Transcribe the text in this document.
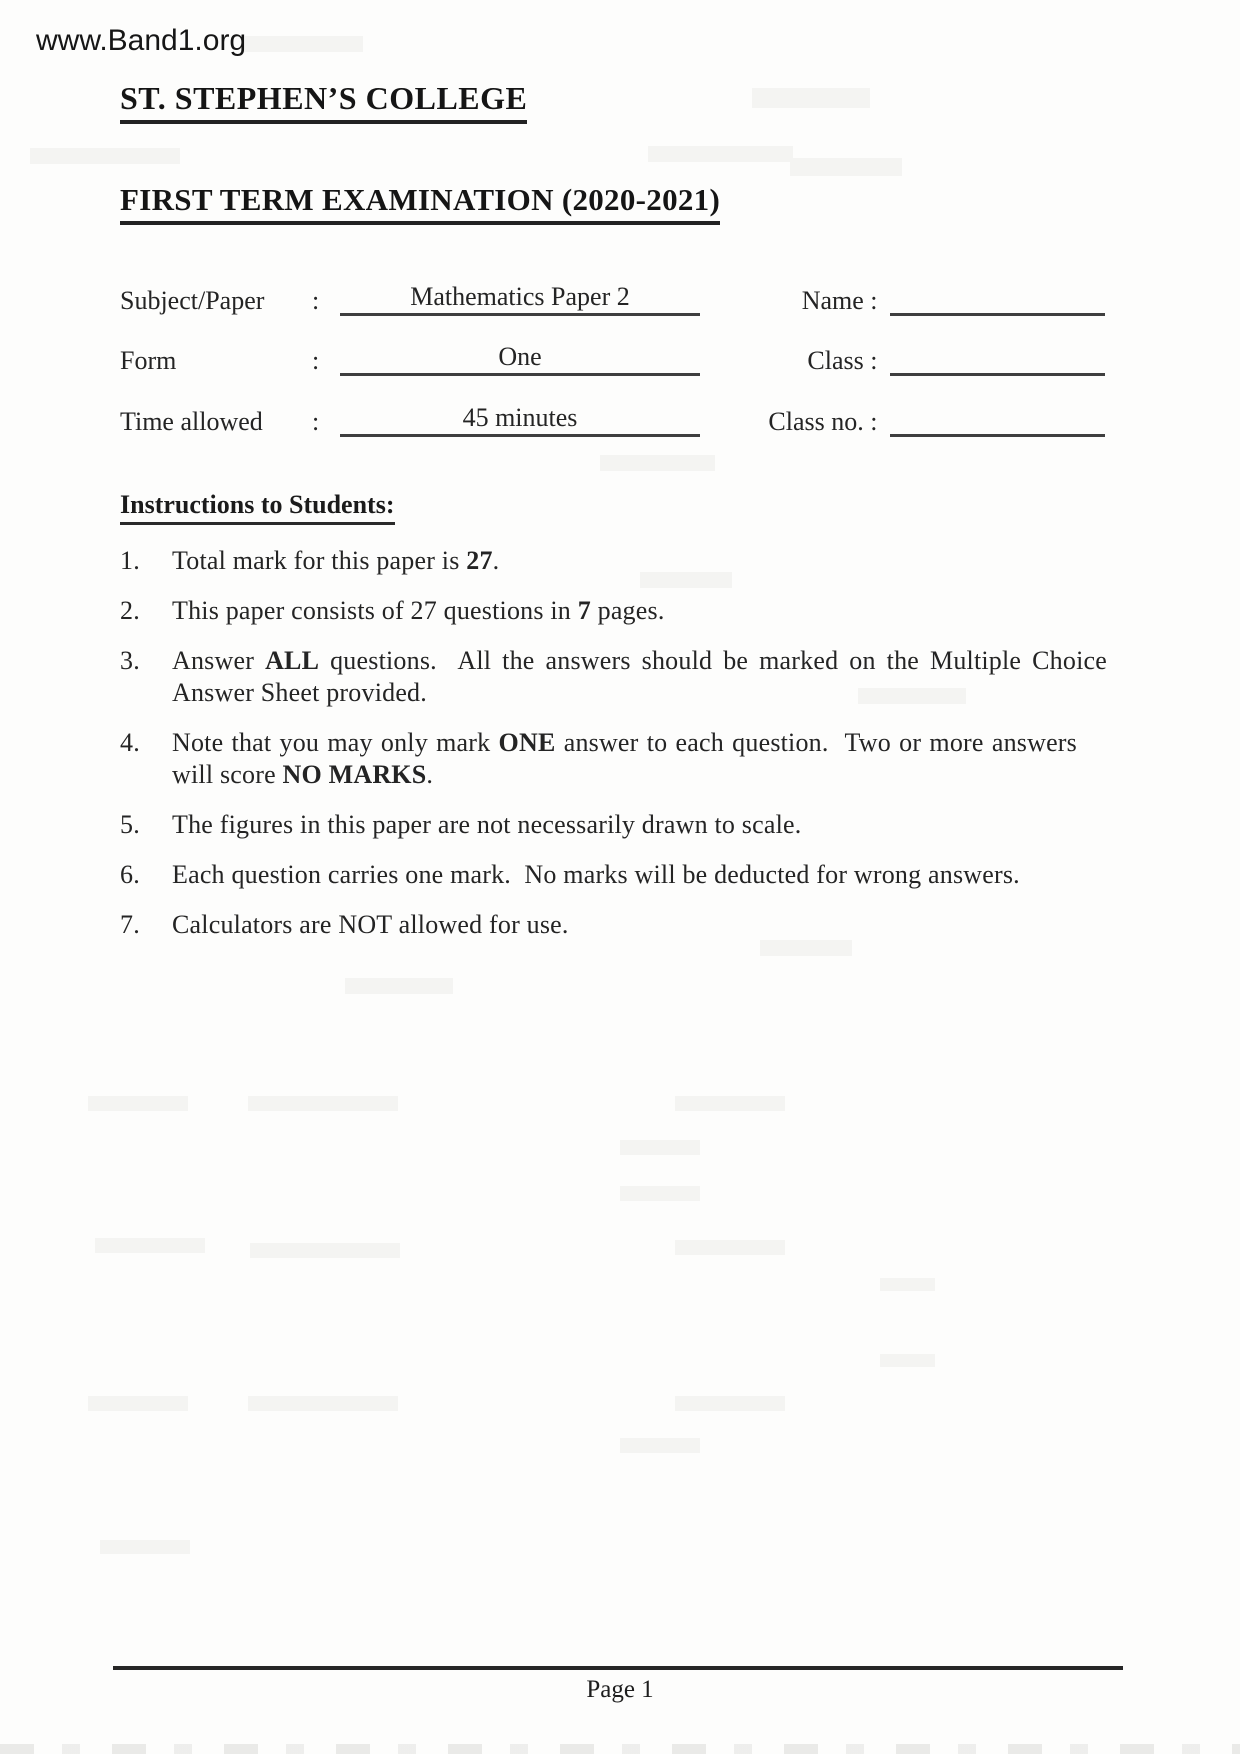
www.Band1.org
ST. STEPHEN’S COLLEGE
FIRST TERM EXAMINATION (2020-2021)
Subject/Paper	:	Mathematics Paper 2	Name :
Form	:	One	Class :
Time allowed	:	45 minutes	Class no. :
Instructions to Students:
1.	Total mark for this paper is 27.
2.	This paper consists of 27 questions in 7 pages.
3.	Answer ALL questions.  All the answers should be marked on the Multiple Choice Answer Sheet provided.
4.	Note that you may only mark ONE answer to each question.  Two or more answers will score NO MARKS.
5.	The figures in this paper are not necessarily drawn to scale.
6.	Each question carries one mark.  No marks will be deducted for wrong answers.
7.	Calculators are NOT allowed for use.
Page 1
